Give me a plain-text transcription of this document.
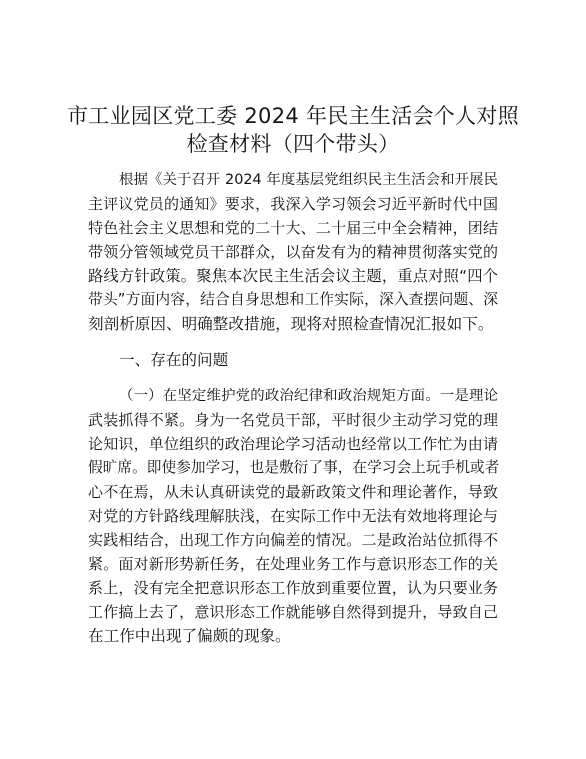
市工业园区党工委 2024 年民主生活会个人对照
检查材料（四个带头）
根据《关于召开 2024 年度基层党组织民主生活会和开展民
主评议党员的通知》要求，我深入学习领会习近平新时代中国
特色社会主义思想和党的二十大、二十届三中全会精神，团结
带领分管领域党员干部群众，以奋发有为的精神贯彻落实党的
路线方针政策。聚焦本次民主生活会议主题，重点对照“四个
带头”方面内容，结合自身思想和工作实际，深入查摆问题、深
刻剖析原因、明确整改措施，现将对照检查情况汇报如下。
一、存在的问题
（一）在坚定维护党的政治纪律和政治规矩方面。一是理论
武装抓得不紧。身为一名党员干部，平时很少主动学习党的理
论知识，单位组织的政治理论学习活动也经常以工作忙为由请
假旷席。即使参加学习，也是敷衍了事，在学习会上玩手机或者
心不在焉，从未认真研读党的最新政策文件和理论著作，导致
对党的方针路线理解肤浅，在实际工作中无法有效地将理论与
实践相结合，出现工作方向偏差的情况。二是政治站位抓得不
紧。面对新形势新任务，在处理业务工作与意识形态工作的关
系上，没有完全把意识形态工作放到重要位置，认为只要业务
工作搞上去了，意识形态工作就能够自然得到提升，导致自己
在工作中出现了偏颇的现象。
